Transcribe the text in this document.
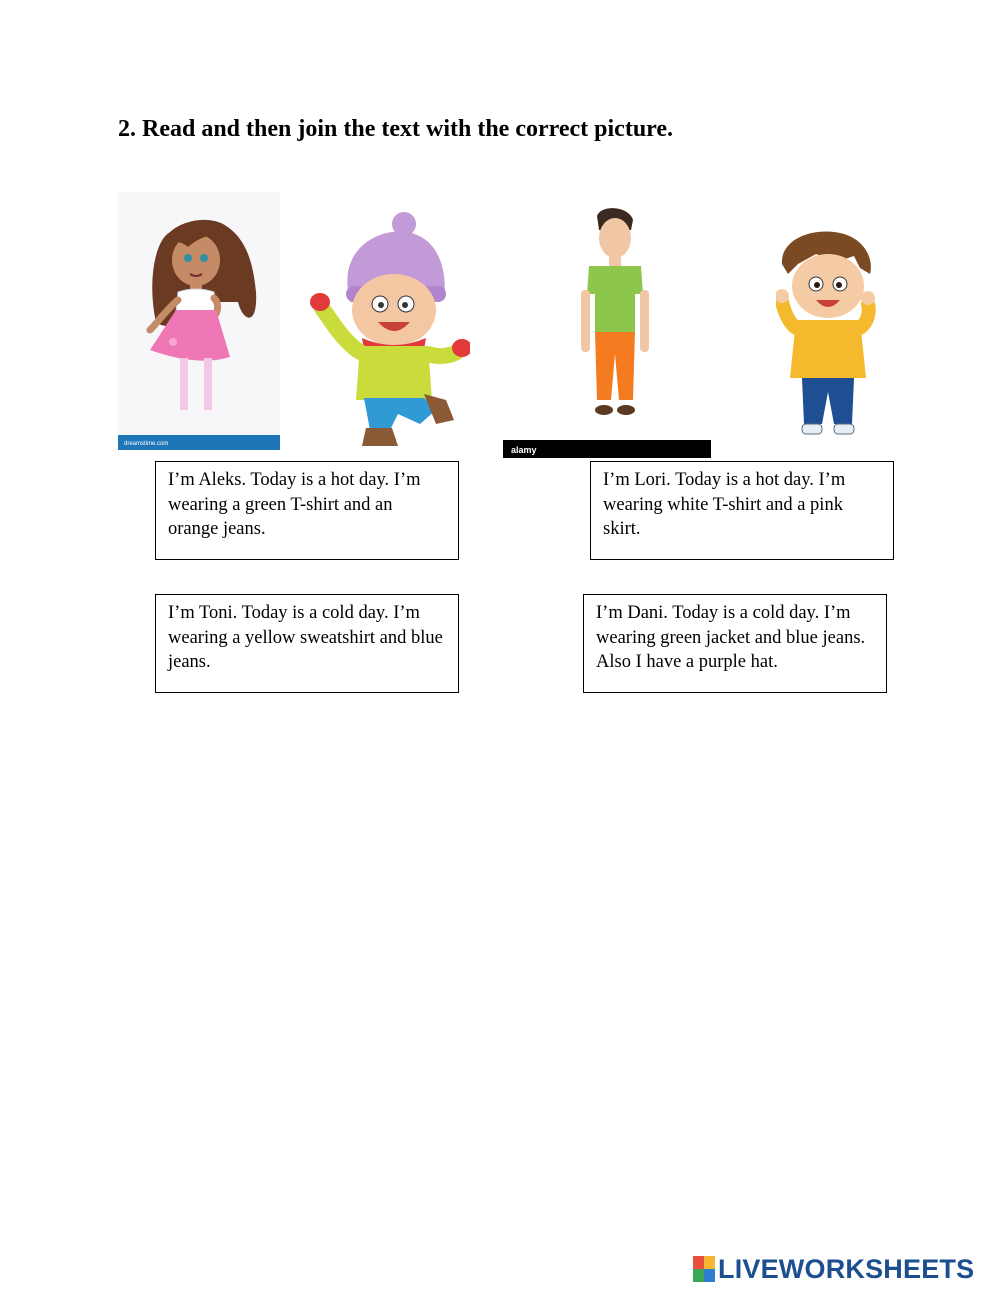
2. Read and then join the text with the correct picture.
dreamstime.com
alamy
I’m Aleks. Today is a hot day. I’m wearing a green T-shirt and an orange jeans.
I’m Lori. Today is a hot day. I’m wearing white T-shirt and a pink skirt.
I’m Toni. Today is a cold day. I’m wearing a yellow sweatshirt and blue jeans.
I’m Dani. Today is a cold day. I’m wearing green jacket and blue jeans. Also I have a purple hat.
LIVEWORKSHEETS
